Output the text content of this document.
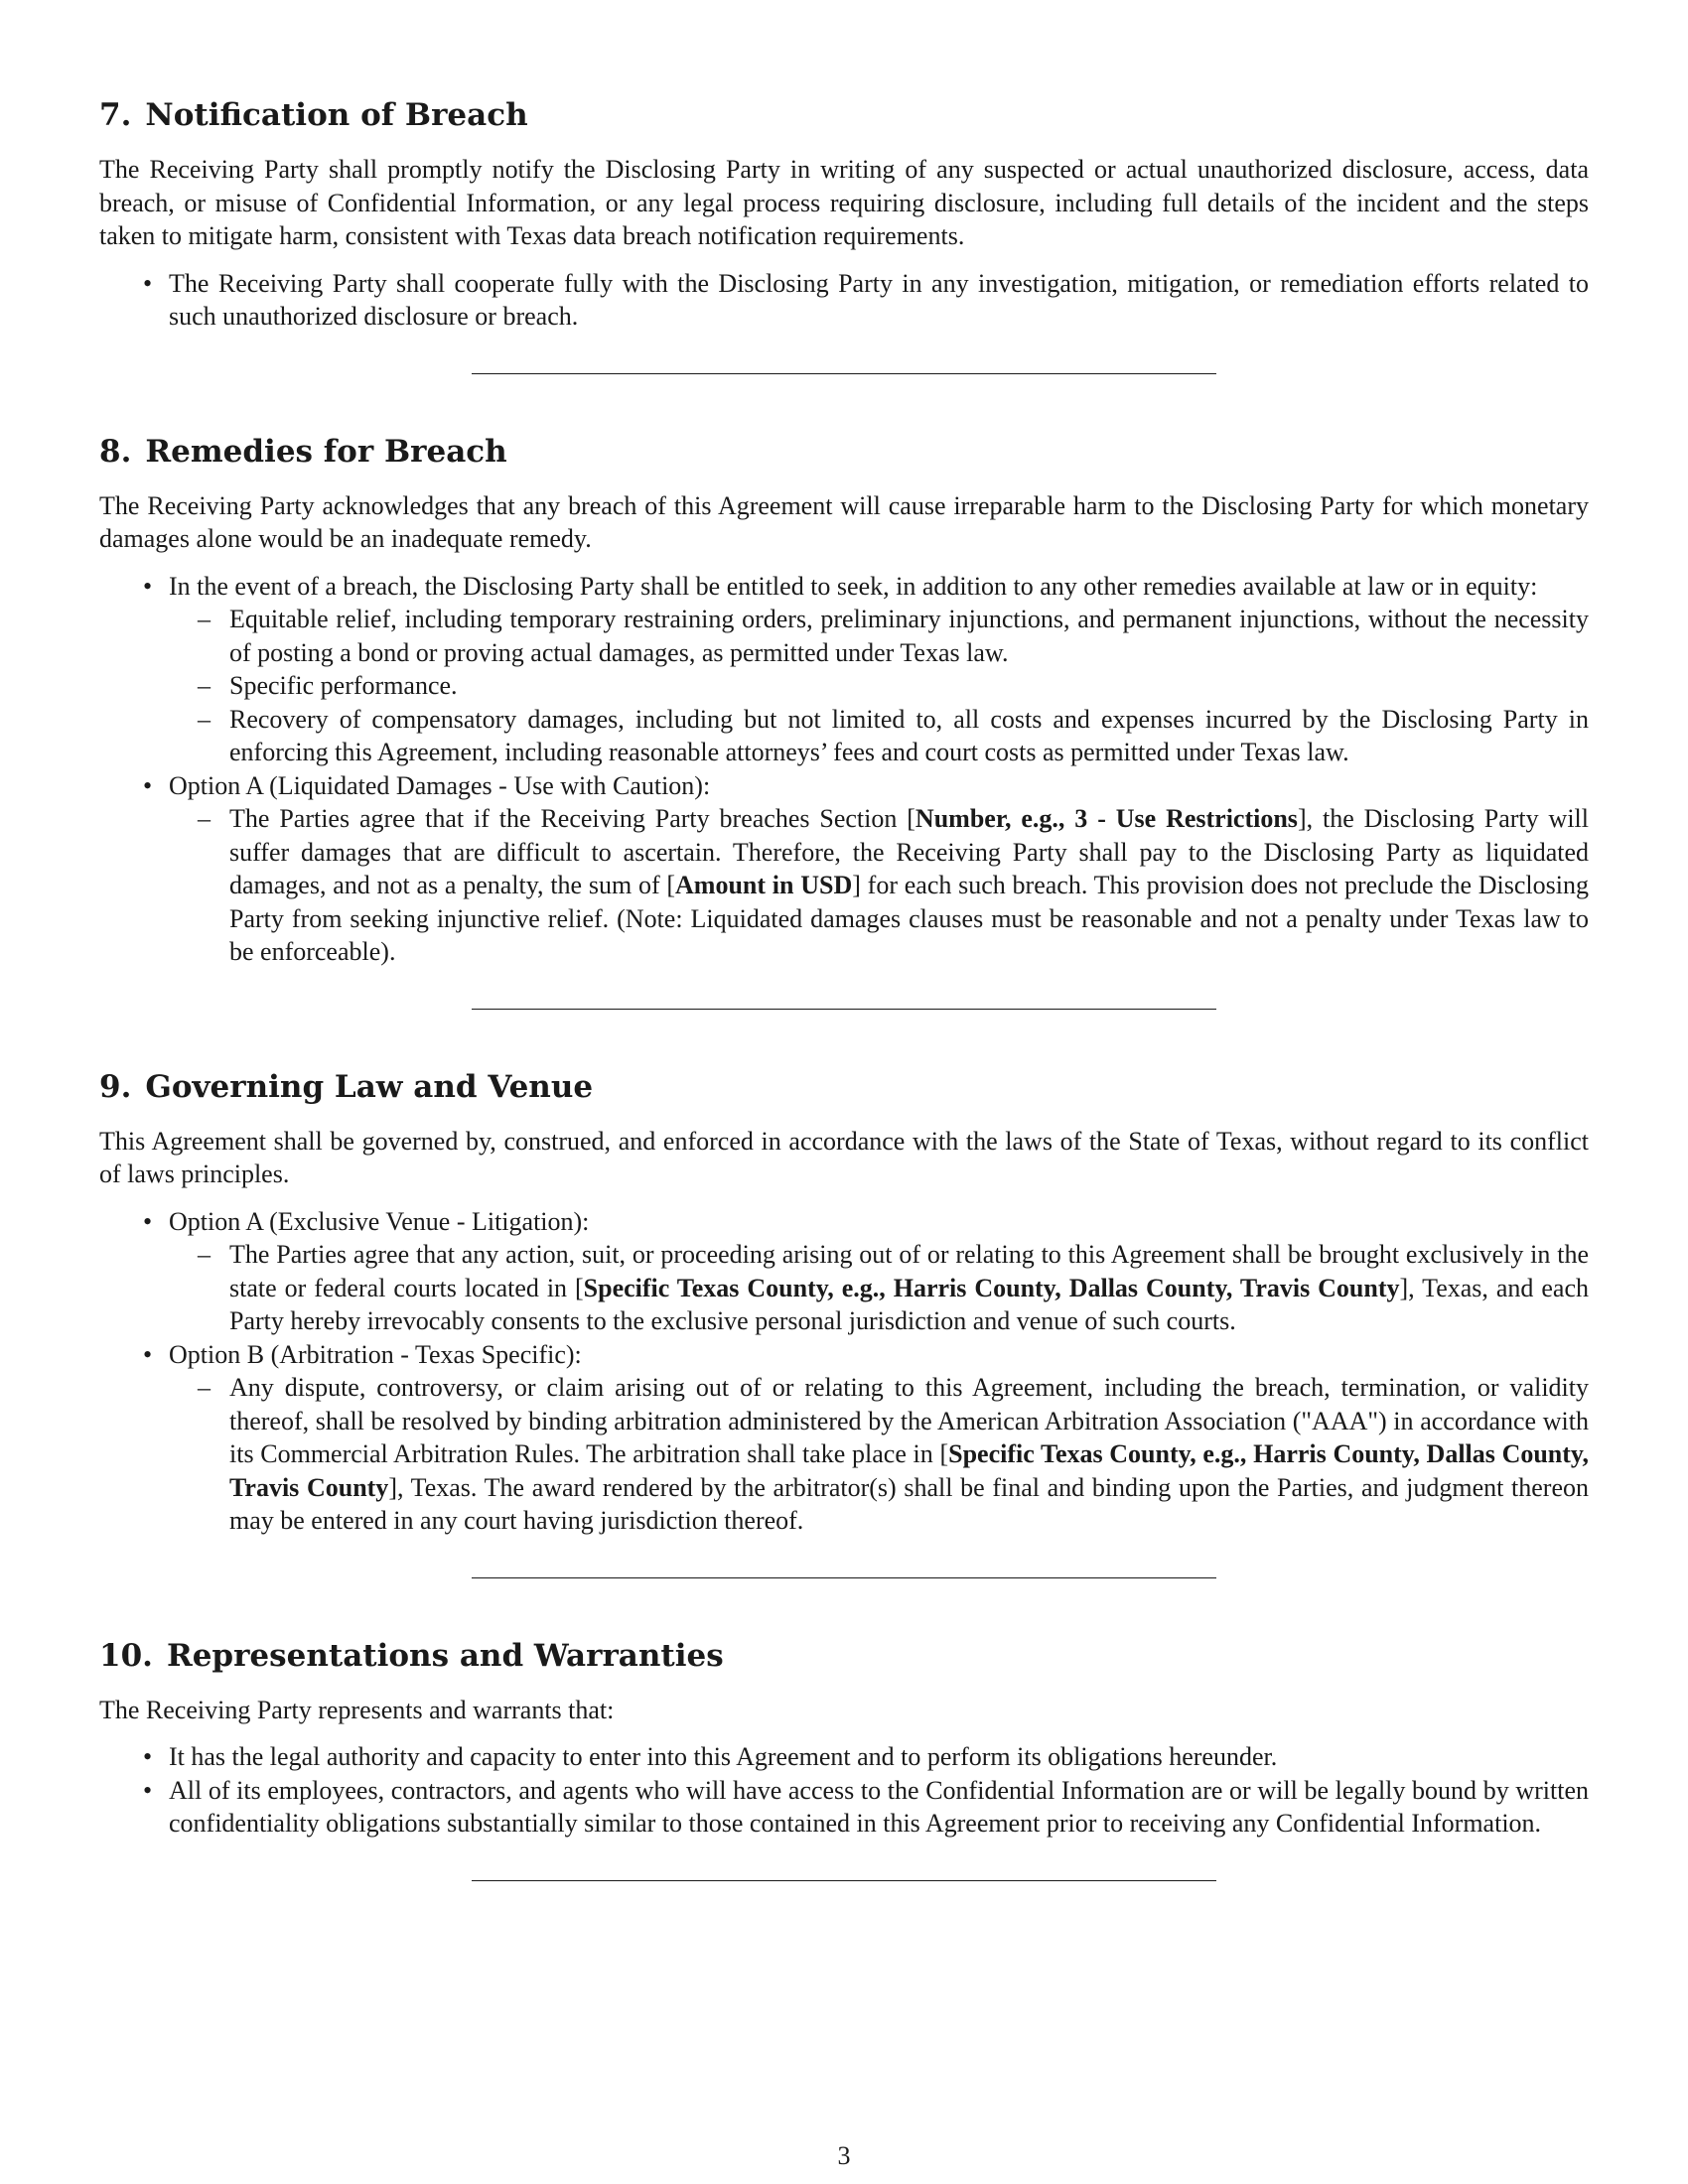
7. Notification of Breach

The Receiving Party shall promptly notify the Disclosing Party in writing of any suspected or actual unauthorized disclosure, access, data breach, or misuse of Confidential Information, or any legal process requiring disclosure, including full details of the incident and the steps taken to mitigate harm, consistent with Texas data breach notification requirements.

• The Receiving Party shall cooperate fully with the Disclosing Party in any investigation, mitigation, or remediation efforts related to such unauthorized disclosure or breach.
8. Remedies for Breach

The Receiving Party acknowledges that any breach of this Agreement will cause irreparable harm to the Disclosing Party for which monetary damages alone would be an inadequate remedy.

• In the event of a breach, the Disclosing Party shall be entitled to seek, in addition to any other remedies available at law or in equity:
– Equitable relief, including temporary restraining orders, preliminary injunctions, and permanent injunctions, without the necessity of posting a bond or proving actual damages, as permitted under Texas law.
– Specific performance.
– Recovery of compensatory damages, including but not limited to, all costs and expenses incurred by the Disclosing Party in enforcing this Agreement, including reasonable attorneys’ fees and court costs as permitted under Texas law.
• Option A (Liquidated Damages - Use with Caution):
– The Parties agree that if the Receiving Party breaches Section [Number, e.g., 3 - Use Restrictions], the Disclosing Party will suffer damages that are difficult to ascertain. Therefore, the Receiving Party shall pay to the Disclosing Party as liquidated damages, and not as a penalty, the sum of [Amount in USD] for each such breach. This provision does not preclude the Disclosing Party from seeking injunctive relief. (Note: Liquidated damages clauses must be reasonable and not a penalty under Texas law to be enforceable).
9. Governing Law and Venue

This Agreement shall be governed by, construed, and enforced in accordance with the laws of the State of Texas, without regard to its conflict of laws principles.

• Option A (Exclusive Venue - Litigation):
– The Parties agree that any action, suit, or proceeding arising out of or relating to this Agreement shall be brought exclusively in the state or federal courts located in [Specific Texas County, e.g., Harris County, Dallas County, Travis County], Texas, and each Party hereby irrevocably consents to the exclusive personal jurisdiction and venue of such courts.
• Option B (Arbitration - Texas Specific):
– Any dispute, controversy, or claim arising out of or relating to this Agreement, including the breach, termination, or validity thereof, shall be resolved by binding arbitration administered by the American Arbitration Association ("AAA") in accordance with its Commercial Arbitration Rules. The arbitration shall take place in [Specific Texas County, e.g., Harris County, Dallas County, Travis County], Texas. The award rendered by the arbitrator(s) shall be final and binding upon the Parties, and judgment thereon may be entered in any court having jurisdiction thereof.
10. Representations and Warranties

The Receiving Party represents and warrants that:

• It has the legal authority and capacity to enter into this Agreement and to perform its obligations hereunder.
• All of its employees, contractors, and agents who will have access to the Confidential Information are or will be legally bound by written confidentiality obligations substantially similar to those contained in this Agreement prior to receiving any Confidential Information.
3
